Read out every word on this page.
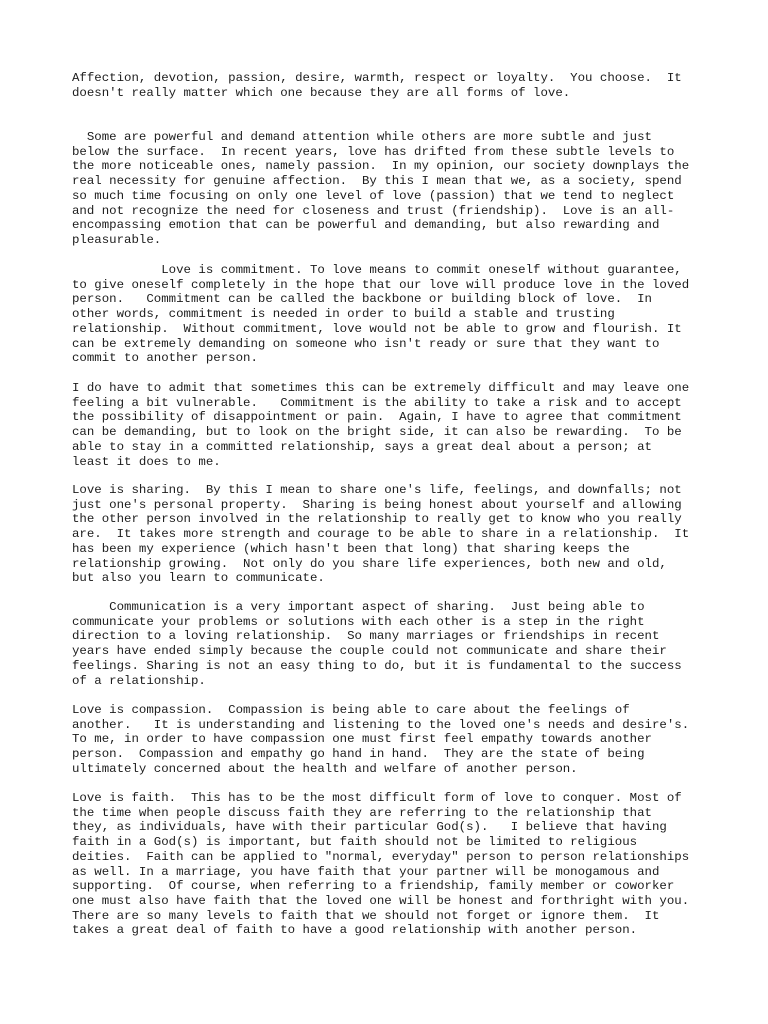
Affection, devotion, passion, desire, warmth, respect or loyalty.  You choose.  It
doesn't really matter which one because they are all forms of love.

Some are powerful and demand attention while others are more subtle and just
below the surface.  In recent years, love has drifted from these subtle levels to
the more noticeable ones, namely passion.  In my opinion, our society downplays the
real necessity for genuine affection.  By this I mean that we, as a society, spend
so much time focusing on only one level of love (passion) that we tend to neglect
and not recognize the need for closeness and trust (friendship).  Love is an all-
encompassing emotion that can be powerful and demanding, but also rewarding and
pleasurable.

Love is commitment. To love means to commit oneself without guarantee,
to give oneself completely in the hope that our love will produce love in the loved
person.   Commitment can be called the backbone or building block of love.  In
other words, commitment is needed in order to build a stable and trusting
relationship.  Without commitment, love would not be able to grow and flourish. It
can be extremely demanding on someone who isn't ready or sure that they want to
commit to another person.

I do have to admit that sometimes this can be extremely difficult and may leave one
feeling a bit vulnerable.   Commitment is the ability to take a risk and to accept
the possibility of disappointment or pain.  Again, I have to agree that commitment
can be demanding, but to look on the bright side, it can also be rewarding.  To be
able to stay in a committed relationship, says a great deal about a person; at
least it does to me.

Love is sharing.  By this I mean to share one's life, feelings, and downfalls; not
just one's personal property.  Sharing is being honest about yourself and allowing
the other person involved in the relationship to really get to know who you really
are.  It takes more strength and courage to be able to share in a relationship.  It
has been my experience (which hasn't been that long) that sharing keeps the
relationship growing.  Not only do you share life experiences, both new and old,
but also you learn to communicate.

Communication is a very important aspect of sharing.  Just being able to
communicate your problems or solutions with each other is a step in the right
direction to a loving relationship.  So many marriages or friendships in recent
years have ended simply because the couple could not communicate and share their
feelings. Sharing is not an easy thing to do, but it is fundamental to the success
of a relationship.

Love is compassion.  Compassion is being able to care about the feelings of
another.   It is understanding and listening to the loved one's needs and desire's.
To me, in order to have compassion one must first feel empathy towards another
person.  Compassion and empathy go hand in hand.  They are the state of being
ultimately concerned about the health and welfare of another person.

Love is faith.  This has to be the most difficult form of love to conquer. Most of
the time when people discuss faith they are referring to the relationship that
they, as individuals, have with their particular God(s).   I believe that having
faith in a God(s) is important, but faith should not be limited to religious
deities.  Faith can be applied to "normal, everyday" person to person relationships
as well. In a marriage, you have faith that your partner will be monogamous and
supporting.  Of course, when referring to a friendship, family member or coworker
one must also have faith that the loved one will be honest and forthright with you.
There are so many levels to faith that we should not forget or ignore them.  It
takes a great deal of faith to have a good relationship with another person.
